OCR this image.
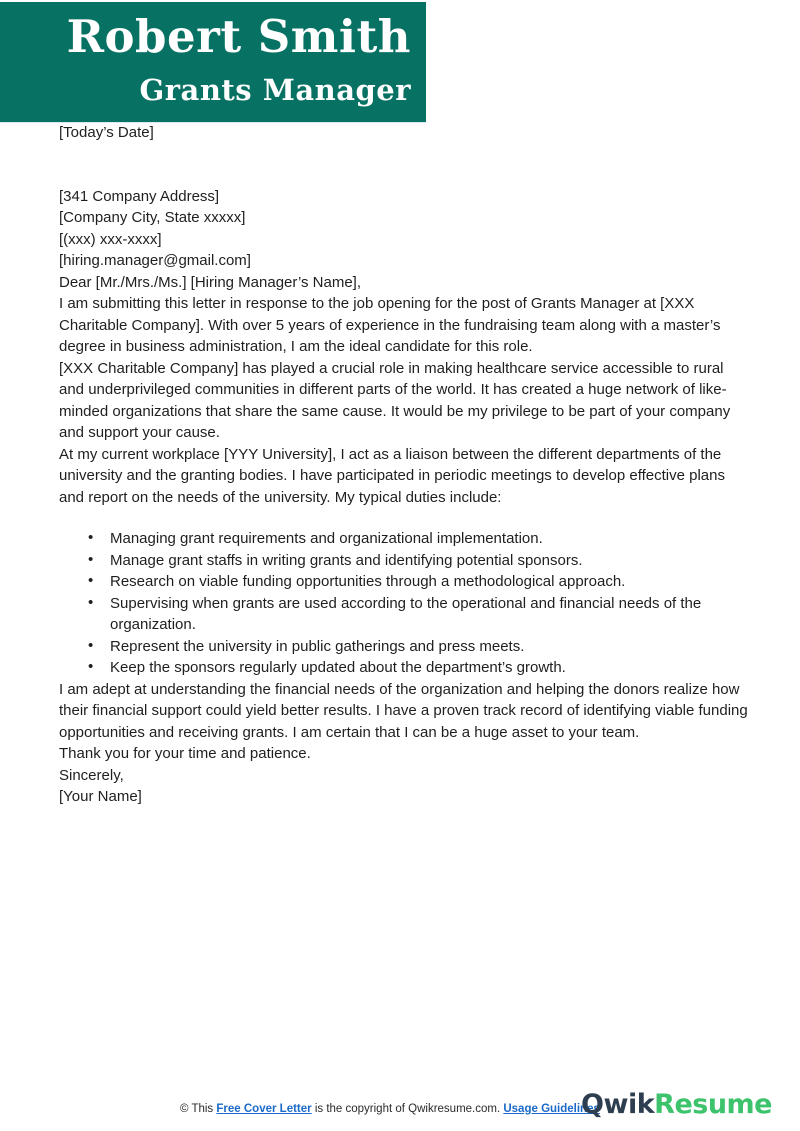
Robert Smith
Grants Manager

[Today’s Date]

[341 Company Address]

[Company City, State xxxxx]

[(xxx) xxx-xxxx]

[hiring.manager@gmail.com]

Dear [Mr./Mrs./Ms.] [Hiring Manager’s Name],

I am submitting this letter in response to the job opening for the post of Grants Manager at [XXX Charitable Company]. With over 5 years of experience in the fundraising team along with a master’s degree in business administration, I am the ideal candidate for this role.

[XXX Charitable Company] has played a crucial role in making healthcare service accessible to rural and underprivileged communities in different parts of the world. It has created a huge network of like-minded organizations that share the same cause. It would be my privilege to be part of your company and support your cause.

At my current workplace [YYY University], I act as a liaison between the different departments of the university and the granting bodies. I have participated in periodic meetings to develop effective plans and report on the needs of the university. My typical duties include:

• Managing grant requirements and organizational implementation.
• Manage grant staffs in writing grants and identifying potential sponsors.
• Research on viable funding opportunities through a methodological approach.
• Supervising when grants are used according to the operational and financial needs of the organization.
• Represent the university in public gatherings and press meets.
• Keep the sponsors regularly updated about the department’s growth.

I am adept at understanding the financial needs of the organization and helping the donors realize how their financial support could yield better results. I have a proven track record of identifying viable funding opportunities and receiving grants. I am certain that I can be a huge asset to your team.

Thank you for your time and patience.

Sincerely,

[Your Name]

© This Free Cover Letter is the copyright of Qwikresume.com. Usage Guidelines
QwikResume
